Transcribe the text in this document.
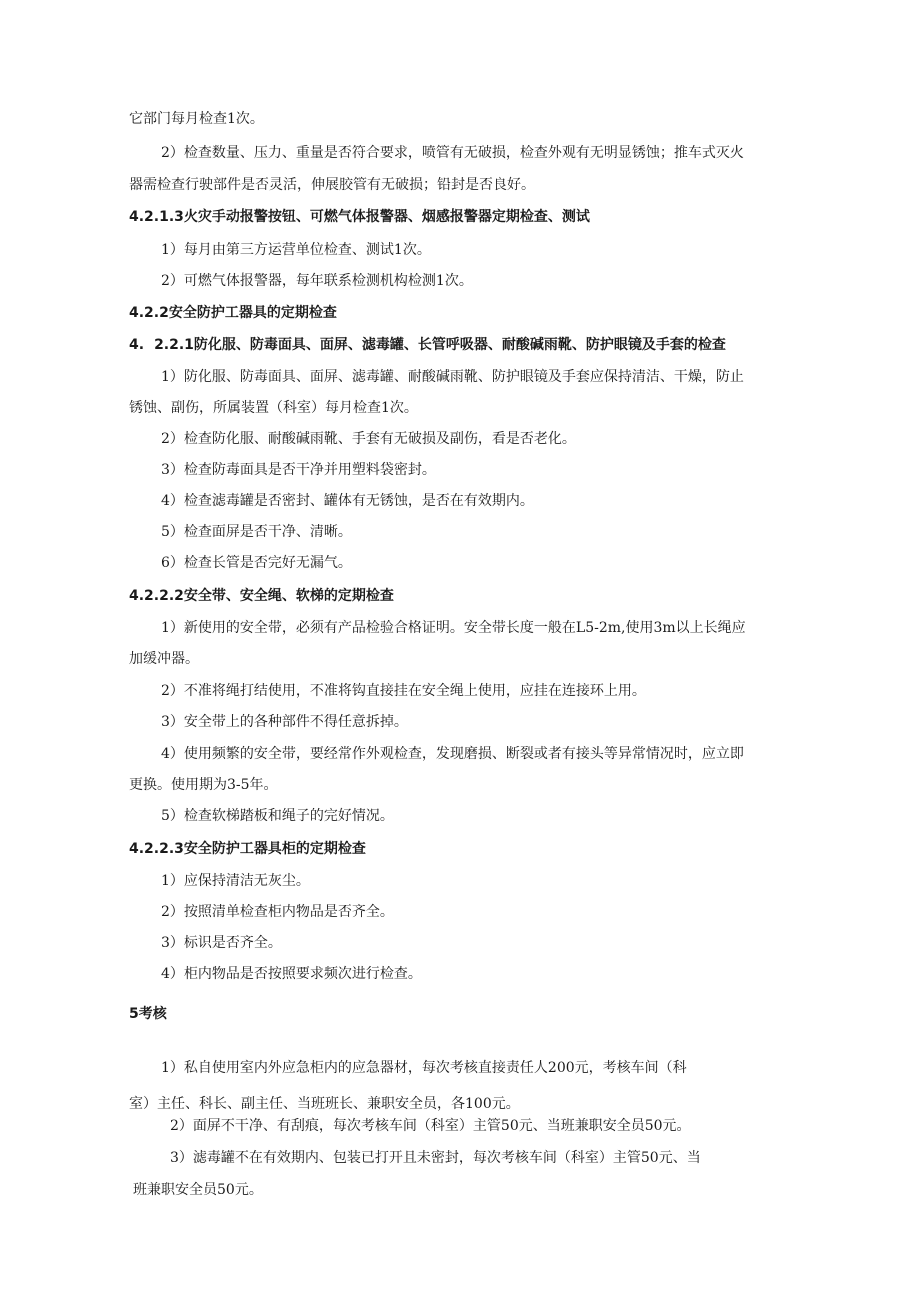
它部门每月检查1次。
2）检查数量、压力、重量是否符合要求，喷管有无破损，检查外观有无明显锈蚀；推车式灭火
器需检查行驶部件是否灵活，伸展胶管有无破损；铅封是否良好。
4.2.1.3火灾手动报警按钮、可燃气体报警器、烟感报警器定期检查、测试
1）每月由第三方运营单位检查、测试1次。
2）可燃气体报警器，每年联系检测机构检测1次。
4.2.2安全防护工器具的定期检查
4. 2.2.1防化服、防毒面具、面屏、滤毒罐、长管呼吸器、耐酸碱雨靴、防护眼镜及手套的检查
1）防化服、防毒面具、面屏、滤毒罐、耐酸碱雨靴、防护眼镜及手套应保持清洁、干燥，防止
锈蚀、副伤，所属装置（科室）每月检查1次。
2）检查防化服、耐酸碱雨靴、手套有无破损及副伤，看是否老化。
3）检查防毒面具是否干净并用塑料袋密封。
4）检查滤毒罐是否密封、罐体有无锈蚀，是否在有效期内。
5）检查面屏是否干净、清晰。
6）检查长管是否完好无漏气。
4.2.2.2安全带、安全绳、软梯的定期检查
1）新使用的安全带，必须有产品检验合格证明。安全带长度一般在L5-2m,使用3m以上长绳应
加缓冲器。
2）不准将绳打结使用，不准将钩直接挂在安全绳上使用，应挂在连接环上用。
3）安全带上的各种部件不得任意拆掉。
4）使用频繁的安全带，要经常作外观检查，发现磨损、断裂或者有接头等异常情况时，应立即
更换。使用期为3-5年。
5）检查软梯踏板和绳子的完好情况。
4.2.2.3安全防护工器具柜的定期检查
1）应保持清洁无灰尘。
2）按照清单检查柜内物品是否齐全。
3）标识是否齐全。
4）柜内物品是否按照要求频次进行检查。
5考核
1）私自使用室内外应急柜内的应急器材，每次考核直接责任人200元，考核车间（科
室）主任、科长、副主任、当班班长、兼职安全员，各100元。
2）面屏不干净、有刮痕，每次考核车间（科室）主管50元、当班兼职安全员50元。
3）滤毒罐不在有效期内、包装已打开且未密封，每次考核车间（科室）主管50元、当
班兼职安全员50元。
